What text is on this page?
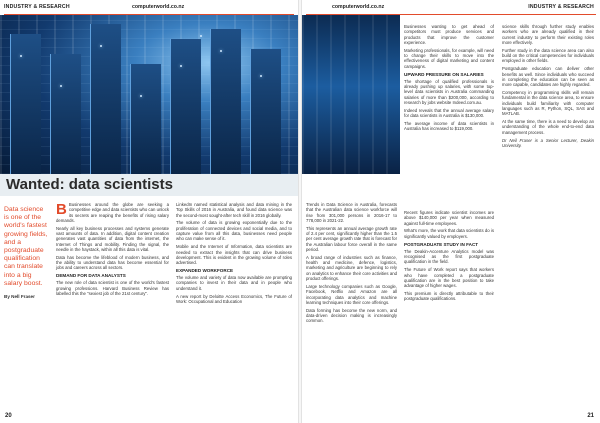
INDUSTRY & RESEARCH	computerworld.co.nz
Wanted: data scientists
Data science is one of the world's fastest growing fields, and a postgraduate qualification can translate into a big salary boost.
By Nell Fraser

B Businesses around the globe are seeking a competitive edge and data scientists who can unlock its secrets are reaping the benefits of rising salary demands.

Nearly all key business processes and systems generate vast amounts of data. In addition, digital content creation generates vast quantities of data from the internet, the Internet of Things and mobility. Finding the signal, the needle in the haystack, within all this data is vital.

Data has become the lifeblood of modern business, and the ability to understand data has become essential for jobs and careers across all sectors.

DEMAND FOR DATA ANALYSTS

The new role of data scientist is one of the world's fastest growing professions. Harvard Business Review has labelled this the "sexiest job of the 21st century".

LinkedIn named statistical analysis and data mining in the Top Skills of 2016 in Australia, and found data science was the second-most sought-after tech skill in 2016 globally.

The volume of data is growing exponentially due to the proliferation of connected devices and social media, and to capture value from all this data, businesses need people who can make sense of it.

Mobile and the Internet of Information, data scientists are needed to extract the insights that can drive business development. This is evident in the growing volume of roles advertised.

EXPANDED WORKFORCE

The volume and variety of data now available are prompting companies to invest in their data and in people who understand it.

A new report by Deloitte Access Economics, The Future of Work: Occupational and Education

20
computerworld.co.nz	INDUSTRY & RESEARCH

Trends in Data Science in Australia, forecasts that the Australian data science workforce will rise from 301,000 persons in 2016-17 to 778,000 in 2021-22.

This represents an annual average growth rate of 2.4 per cent, significantly higher than the 1.5 per cent average growth rate that is forecast for the Australian labour force overall in the same period.

A broad range of industries such as finance, health and medicine, defence, logistics, marketing and agriculture are beginning to rely on analytics to enhance their core activities and product offerings.

Large technology companies such as Google, Facebook, Netflix and Amazon are all incorporating data analytics and machine learning techniques into their core offerings.

Data forming has become the new norm, and data-driven decision making is increasingly common.

Businesses wanting to get ahead of competitors must produce services and products that improve the customer experience.

Marketing professionals, for example, will need to change their skills to move into the effectiveness of digital marketing and content campaigns.

UPWARD PRESSURE ON SALARIES

The shortage of qualified professionals is already pushing up salaries, with some top-level data scientists in Australia commanding salaries of more than $200,000, according to research by jobs website Indeed.com.au.

Indeed reveals that the annual average salary for data scientists in Australia is $130,000.

The average income of data scientists in Australia has increased to $119,000.

Recent figures indicate scientist incomes are above $140,000 per year when measured against full-time employees.

What's more, the work that data scientists do is significantly valued by employers.

POSTGRADUATE STUDY IN FACT

The Deakin-Accenture Analytics model was recognised as the first postgraduate qualification in the field.

The Future of Work report says that workers who have completed a postgraduate qualification are in the best position to take advantage of higher wages.

This premium is directly attributable to their postgraduate qualifications.

science skills through further study enables workers who are already qualified in their current industry to perform their existing roles more effectively.

Further study in the data science area can also build on the critical competencies for individuals employed in other fields.

Postgraduate education can deliver other benefits as well. Since individuals who succeed in completing the education can be seen as more capable, candidates are highly regarded.

Competency in programming skills will remain fundamental in the data science area, to ensure individuals build familiarity with computer languages such as R, Python, SQL, SAS and MATLAB.

At the same time, there is a need to develop an understanding of the whole end-to-end data management process.

Dr Neil Fraser is a Senior Lecturer, Deakin University.

21
